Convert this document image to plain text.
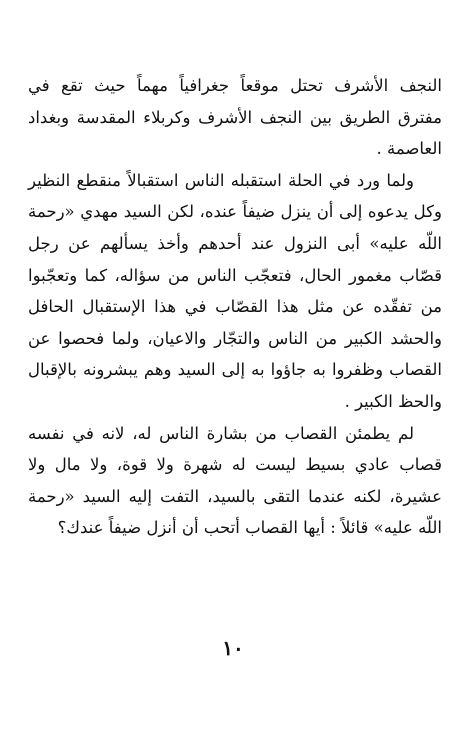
النجف الأشرف تحتل موقعاً جغرافياً مهماً حيث تقع في مفترق الطريق بين النجف الأشرف وكربلاء المقدسة وبغداد العاصمة .

ولما ورد في الحلة استقبله الناس استقبالاً منقطع النظير وكل يدعوه إلى أن ينزل ضيفاً عنده، لكن السيد مهدي «رحمة اللّه عليه» أبى النزول عند أحدهم وأخذ يسألهم عن رجل قصّاب مغمور الحال، فتعجّب الناس من سؤاله، كما وتعجّبوا من تفقّده عن مثل هذا القصّاب في هذا الإستقبال الحافل والحشد الكبير من الناس والتجّار والاعيان، ولما فحصوا عن القصاب وظفروا به جاؤوا به إلى السيد وهم يبشرونه بالإقبال والحظ الكبير .

لم يطمئن القصاب من بشارة الناس له، لانه في نفسه قصاب عادي بسيط ليست له شهرة ولا قوة، ولا مال ولا عشيرة، لكنه عندما التقى بالسيد، التفت إليه السيد «رحمة اللّه عليه» قائلاً : أيها القصاب أتحب أن أنزل ضيفاً عندك؟

١٠
